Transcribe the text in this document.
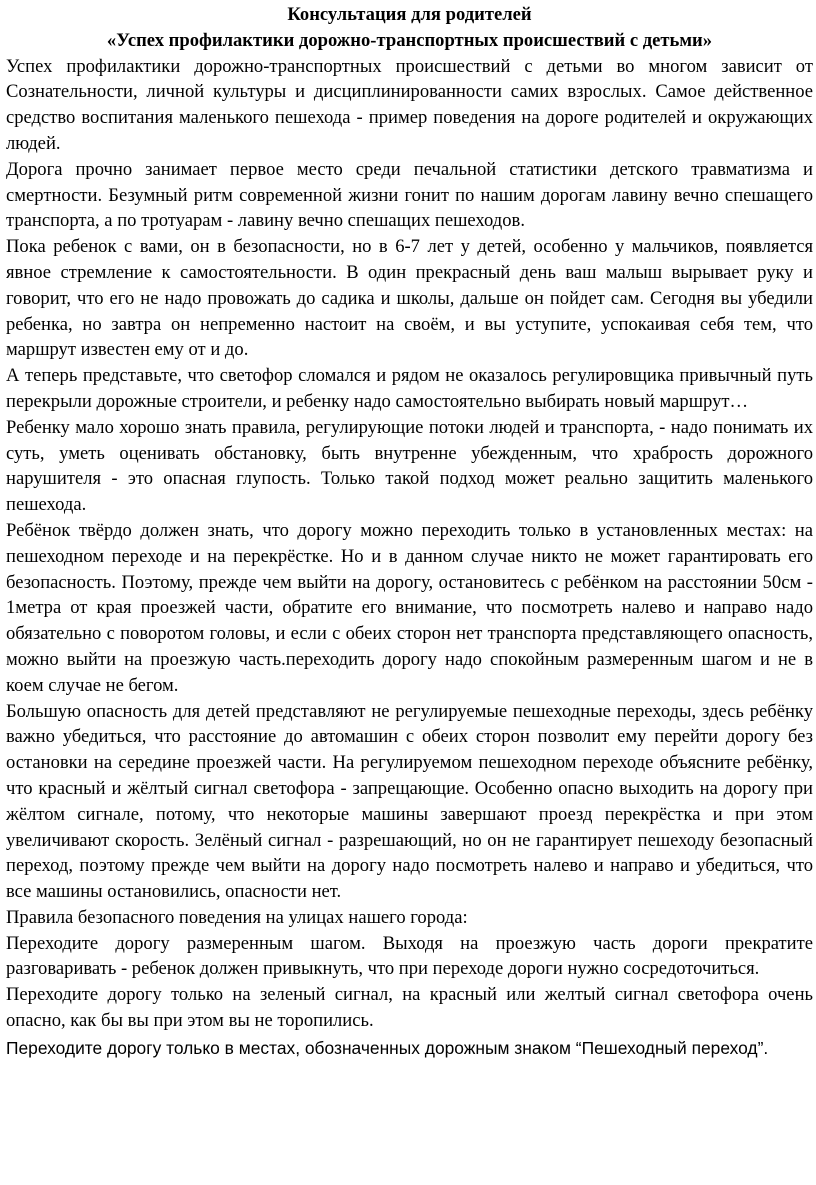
Консультация для родителей

«Успех профилактики дорожно-транспортных происшествий с детьми»

Успех профилактики дорожно-транспортных происшествий с детьми во многом зависит от Сознательности, личной культуры и дисциплинированности самих взрослых. Самое действенное средство воспитания маленького пешехода - пример поведения на дороге родителей и окружающих людей.

Дорога прочно занимает первое место среди печальной статистики детского травматизма и смертности. Безумный ритм современной жизни гонит по нашим дорогам лавину вечно спешащего транспорта, а по тротуарам - лавину вечно спешащих пешеходов.

Пока ребенок с вами, он в безопасности, но в 6-7 лет у детей, особенно у мальчиков, появляется явное стремление к самостоятельности. В один прекрасный день ваш малыш вырывает руку и говорит, что его не надо провожать до садика и школы, дальше он пойдет сам. Сегодня вы убедили ребенка, но завтра он непременно настоит на своём, и вы уступите, успокаивая себя тем, что маршрут известен ему от и до.

А теперь представьте, что светофор сломался и рядом не оказалось регулировщика привычный путь перекрыли дорожные строители, и ребенку надо самостоятельно выбирать новый маршрут…

Ребенку мало хорошо знать правила, регулирующие потоки людей и транспорта, - надо понимать их суть, уметь оценивать обстановку, быть внутренне убежденным, что храбрость дорожного нарушителя - это опасная глупость. Только такой подход может реально защитить маленького пешехода.

Ребёнок твёрдо должен знать, что дорогу можно переходить только в установленных местах: на пешеходном переходе и на перекрёстке. Но и в данном случае никто не может гарантировать его безопасность. Поэтому, прежде чем выйти на дорогу, остановитесь с ребёнком на расстоянии 50см - 1метра от края проезжей части, обратите его внимание, что посмотреть налево и направо надо обязательно с поворотом головы, и если с обеих сторон нет транспорта представляющего опасность, можно выйти на проезжую часть.переходить дорогу надо спокойным размеренным шагом и не в коем случае не бегом.

Большую опасность для детей представляют не регулируемые пешеходные переходы, здесь ребёнку важно убедиться, что расстояние до автомашин с обеих сторон позволит ему перейти дорогу без остановки на середине проезжей части. На регулируемом пешеходном переходе объясните ребёнку, что красный и жёлтый сигнал светофора - запрещающие. Особенно опасно выходить на дорогу при жёлтом сигнале, потому, что некоторые машины завершают проезд перекрёстка и при этом увеличивают скорость. Зелёный сигнал - разрешающий, но он не гарантирует пешеходу безопасный переход, поэтому прежде чем выйти на дорогу надо посмотреть налево и направо и убедиться, что все машины остановились, опасности нет.

Правила безопасного поведения на улицах нашего города:

Переходите дорогу размеренным шагом. Выходя на проезжую часть дороги прекратите разговаривать - ребенок должен привыкнуть, что при переходе дороги нужно сосредоточиться.

Переходите дорогу только на зеленый сигнал, на красный или желтый сигнал светофора очень опасно, как бы вы при этом вы не торопились.

Переходите дорогу только в местах, обозначенных дорожным знаком “Пешеходный переход”.
